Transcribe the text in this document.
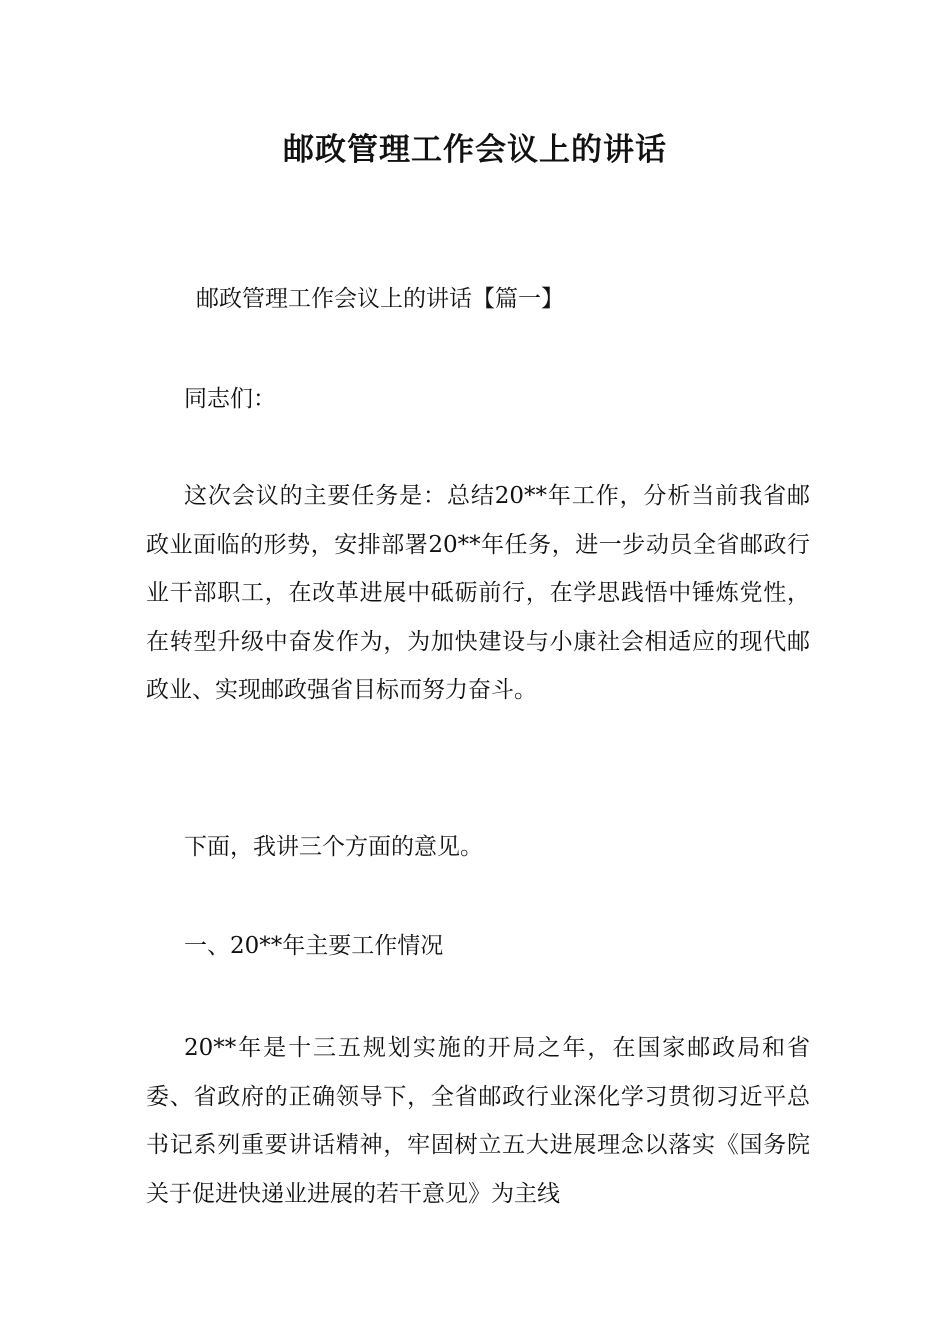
邮政管理工作会议上的讲话
邮政管理工作会议上的讲话【篇一】
同志们：

这次会议的主要任务是：总结20**年工作，分析当前我省邮政业面临的形势，安排部署20**年任务，进一步动员全省邮政行业干部职工，在改革进展中砥砺前行，在学思践悟中锤炼党性，在转型升级中奋发作为，为加快建设与小康社会相适应的现代邮政业、实现邮政强省目标而努力奋斗。

下面，我讲三个方面的意见。
一、20**年主要工作情况

20**年是十三五规划实施的开局之年，在国家邮政局和省委、省政府的正确领导下，全省邮政行业深化学习贯彻习近平总书记系列重要讲话精神，牢固树立五大进展理念以落实《国务院关于促进快递业进展的若干意见》为主线
